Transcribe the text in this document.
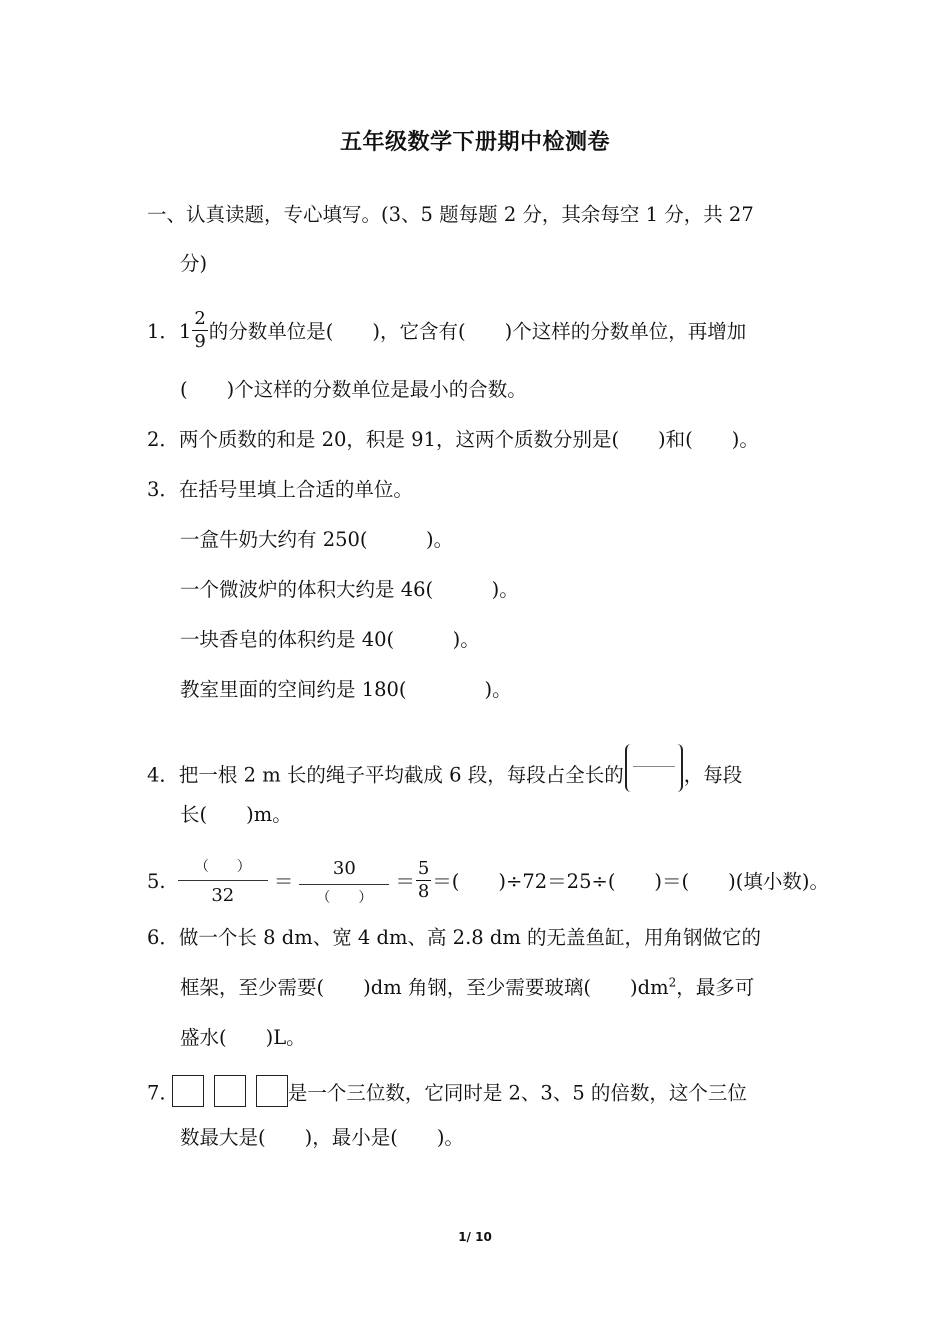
五年级数学下册期中检测卷
一、认真读题，专心填写。(3、5 题每题 2 分，其余每空 1 分，共 27
分)
1．$1 \frac{2}{9}$ 的分数单位是(　　)，它含有(　　)个这样的分数单位，再增加
(　　)个这样的分数单位是最小的合数。
2．两个质数的和是 20，积是 91，这两个质数分别是(　　)和(　　)。
3．在括号里填上合适的单位。
一盒牛奶大约有 250(　　　)。
一个微波炉的体积大约是 46(　　　)。
一块香皂的体积约是 40(　　　)。
教室里面的空间约是 180(　　　　)。
4．把一根 2 m 长的绳子平均截成 6 段，每段占全长的	，每段
长(　　)m。
5.
（　　）
32
＝
30
（　　）
＝ $\frac{5}{8}$ ＝(　　)÷72＝25÷(　　)＝(　　)(填小数)。
6．做一个长 8 dm、宽 4 dm、高 2.8 dm 的无盖鱼缸，用角钢做它的
框架，至少需要(　　)dm 角钢，至少需要玻璃(　　)$dm^2$，最多可
盛水(　　)L。
7.	是一个三位数，它同时是 2、3、5 的倍数，这个三位
数最大是(　　)，最小是(　　)。
1/ 10
